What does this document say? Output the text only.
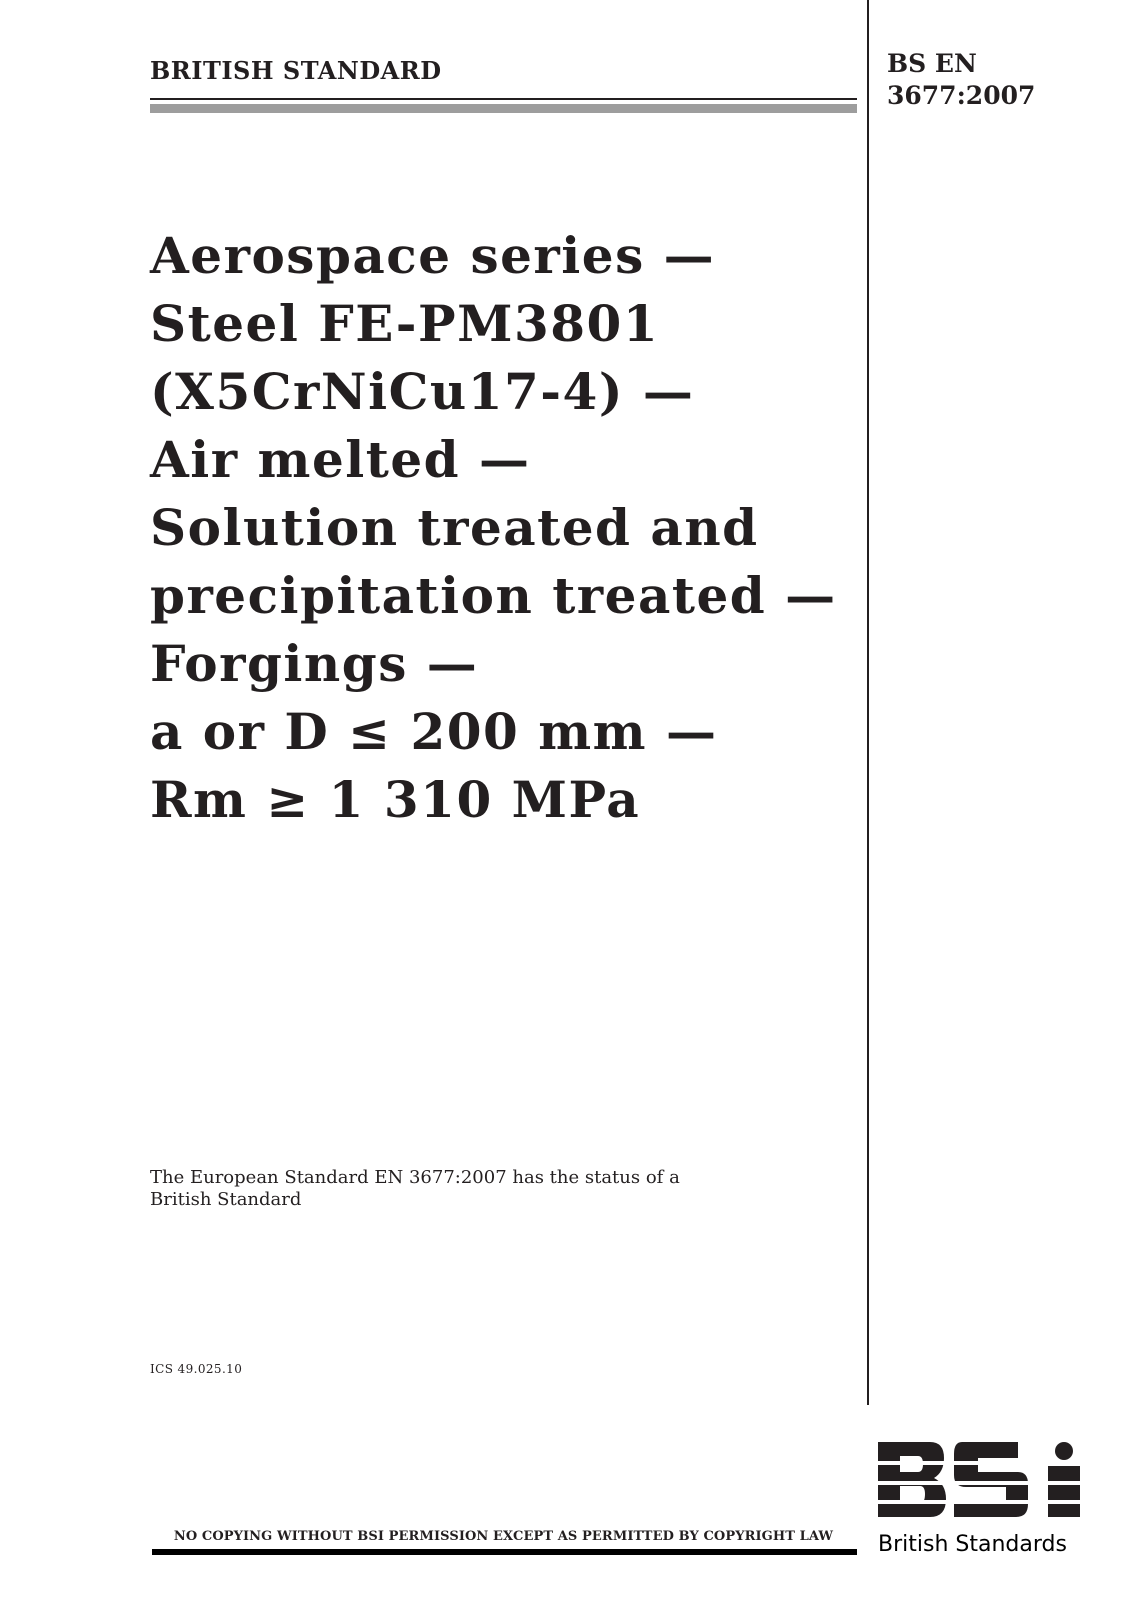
BRITISH STANDARD	BS EN
3677:2007
Aerospace series —
Steel FE-PM3801
(X5CrNiCu17-4) —
Air melted —
Solution treated and
precipitation treated —
Forgings —
a or D ≤ 200 mm —
Rm ≥ 1 310 MPa
The European Standard EN 3677:2007 has the status of a
British Standard
ICS 49.025.10
NO COPYING WITHOUT BSI PERMISSION EXCEPT AS PERMITTED BY COPYRIGHT LAW	British Standards
